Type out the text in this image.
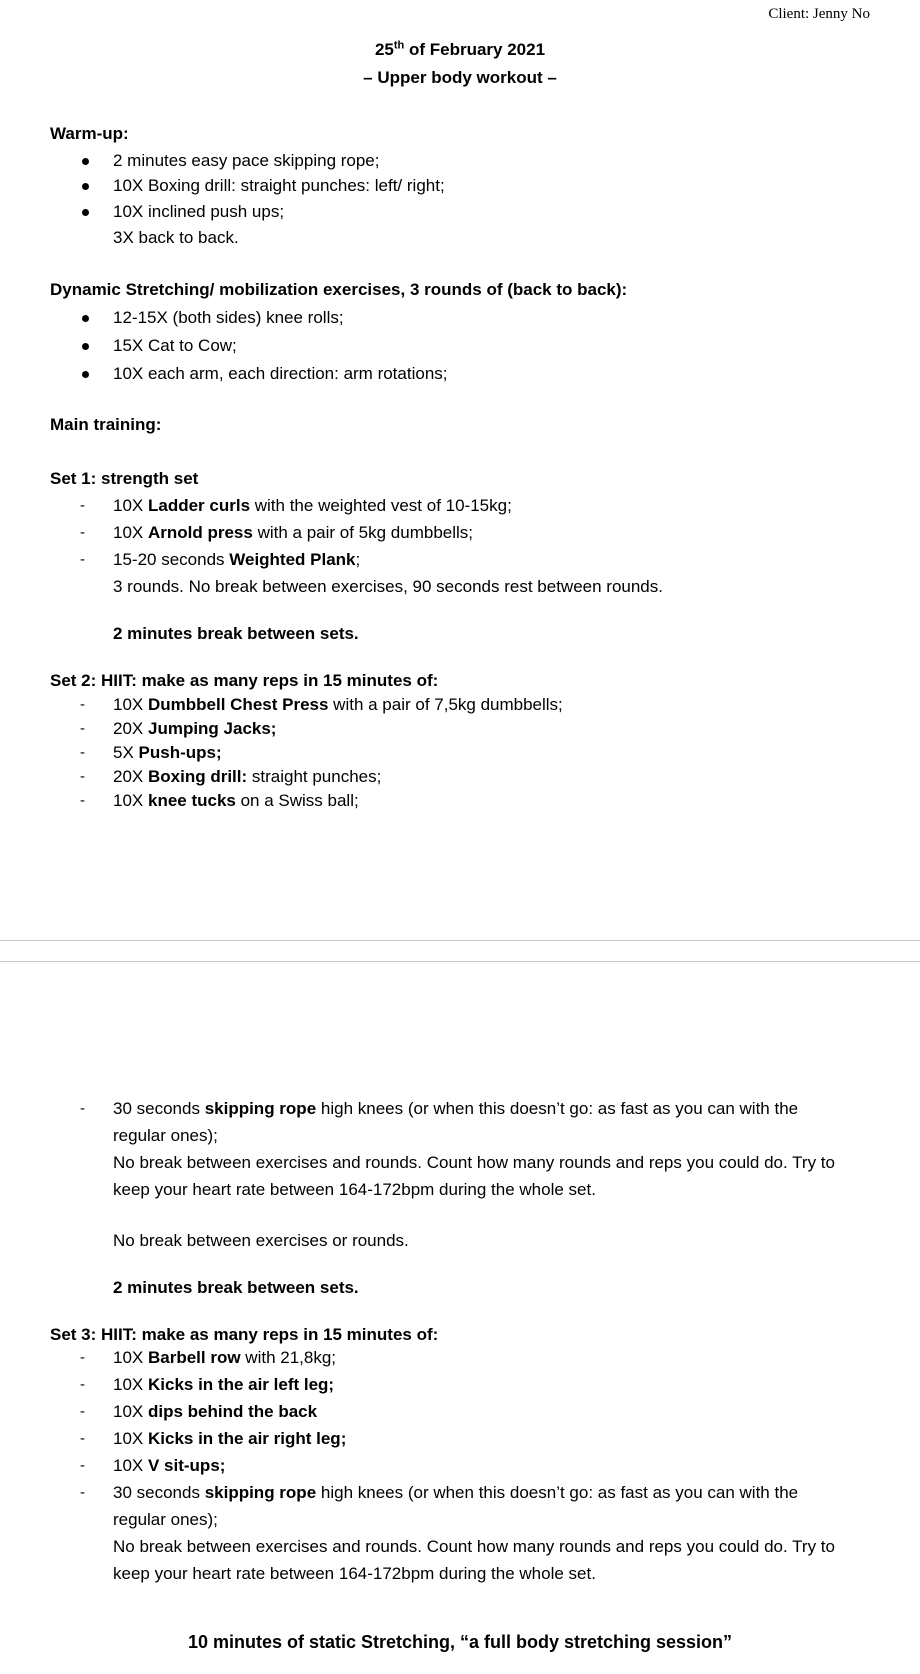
Client: Jenny No
25th of February 2021
– Upper body workout –
Warm-up:
2 minutes easy pace skipping rope;
10X Boxing drill: straight punches: left/ right;
10X inclined push ups;
3X back to back.
Dynamic Stretching/ mobilization exercises, 3 rounds of (back to back):
12-15X (both sides) knee rolls;
15X Cat to Cow;
10X each arm, each direction: arm rotations;
Main training:
Set 1: strength set
- 10X Ladder curls with the weighted vest of 10-15kg;
- 10X Arnold press with a pair of 5kg dumbbells;
- 15-20 seconds Weighted Plank;
3 rounds. No break between exercises, 90 seconds rest between rounds.
2 minutes break between sets.
Set 2: HIIT: make as many reps in 15 minutes of:
- 10X Dumbbell Chest Press with a pair of 7,5kg dumbbells;
- 20X Jumping Jacks;
- 5X Push-ups;
- 20X Boxing drill: straight punches;
- 10X knee tucks on a Swiss ball;
- 30 seconds skipping rope high knees (or when this doesn’t go: as fast as you can with the
regular ones);
No break between exercises and rounds. Count how many rounds and reps you could do. Try to
keep your heart rate between 164-172bpm during the whole set.
No break between exercises or rounds.
2 minutes break between sets.
Set 3: HIIT: make as many reps in 15 minutes of:
- 10X Barbell row with 21,8kg;
- 10X Kicks in the air left leg;
- 10X dips behind the back
- 10X Kicks in the air right leg;
- 10X V sit-ups;
- 30 seconds skipping rope high knees (or when this doesn’t go: as fast as you can with the
regular ones);
No break between exercises and rounds. Count how many rounds and reps you could do. Try to
keep your heart rate between 164-172bpm during the whole set.
10 minutes of static Stretching, “a full body stretching session”
